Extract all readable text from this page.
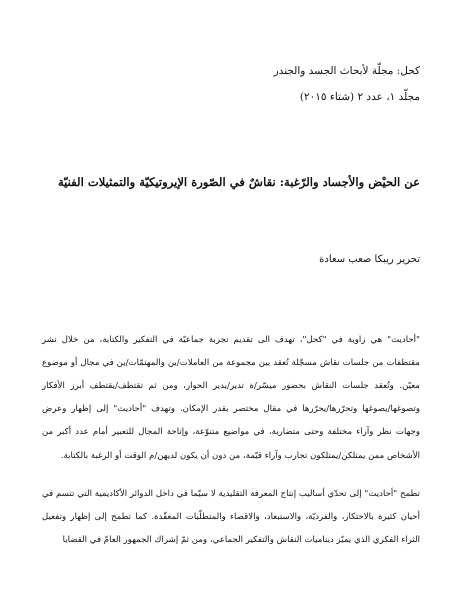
كحل: مجلّة لأبحاث الجسد والجندر
مجلّد ١، عدد ٢ (شتاء ٢٠١٥)
عن الحيْض والأجساد والرّغبة: نقاشٌ في الصّورة الإيروتيكيّة والتمثيلات الفنيّة
تحرير ريبكا صعب سعادة

"أحاديث" هي زاوية في "كحل"، تهدف الى تقديم تجربة جماعيّة في التفكير والكتابة، من خلال نشر مقتطفات من جلسات نقاش مسجّلة تُعقد بين مجموعة من العاملات/ين والمهتمّات/ين في مجال أو موضوع معيّن. وتُعقد جلسات النقاش بحضور ميسّر/ة تدير/يدير الحوار، ومن ثم تقتطف/يقتطف أبرز الأفكار وتصوغها/يصوغها وتحرّرها/يحرّرها في مقال مختصر بقدر الإمكان. وتهدف "أحاديث" إلى إظهار وعرض وجهات نظر وآراء مختلفة وحتى متضاربة، في مواضيع متنوّعة، وإتاحة المجال للتعبير أمام عدد أكبر من الأشخاص ممن يمتلكن/يمتلكون تجارب وآراء قيّمة، من دون أن يكون لديهن/م الوقت أو الرغبة بالكتابة.

تطمح "أحاديث" إلى تحدّي أساليب إنتاج المعرفة التقليدية لا سيّما في داخل الدوائر الأكاديمية التي تتسم في أحيان كثيرة بالاحتكار، والفرديّة، والاستبعاد، والاقصاء والمتطلّبات المعقّدة. كما تطمح إلى إظهار وتفعيل الثراء الفكري الذي يميّز ديناميات النقاش والتفكير الجماعي، ومن ثمّ إشراك الجمهور العامّ في القضايا
